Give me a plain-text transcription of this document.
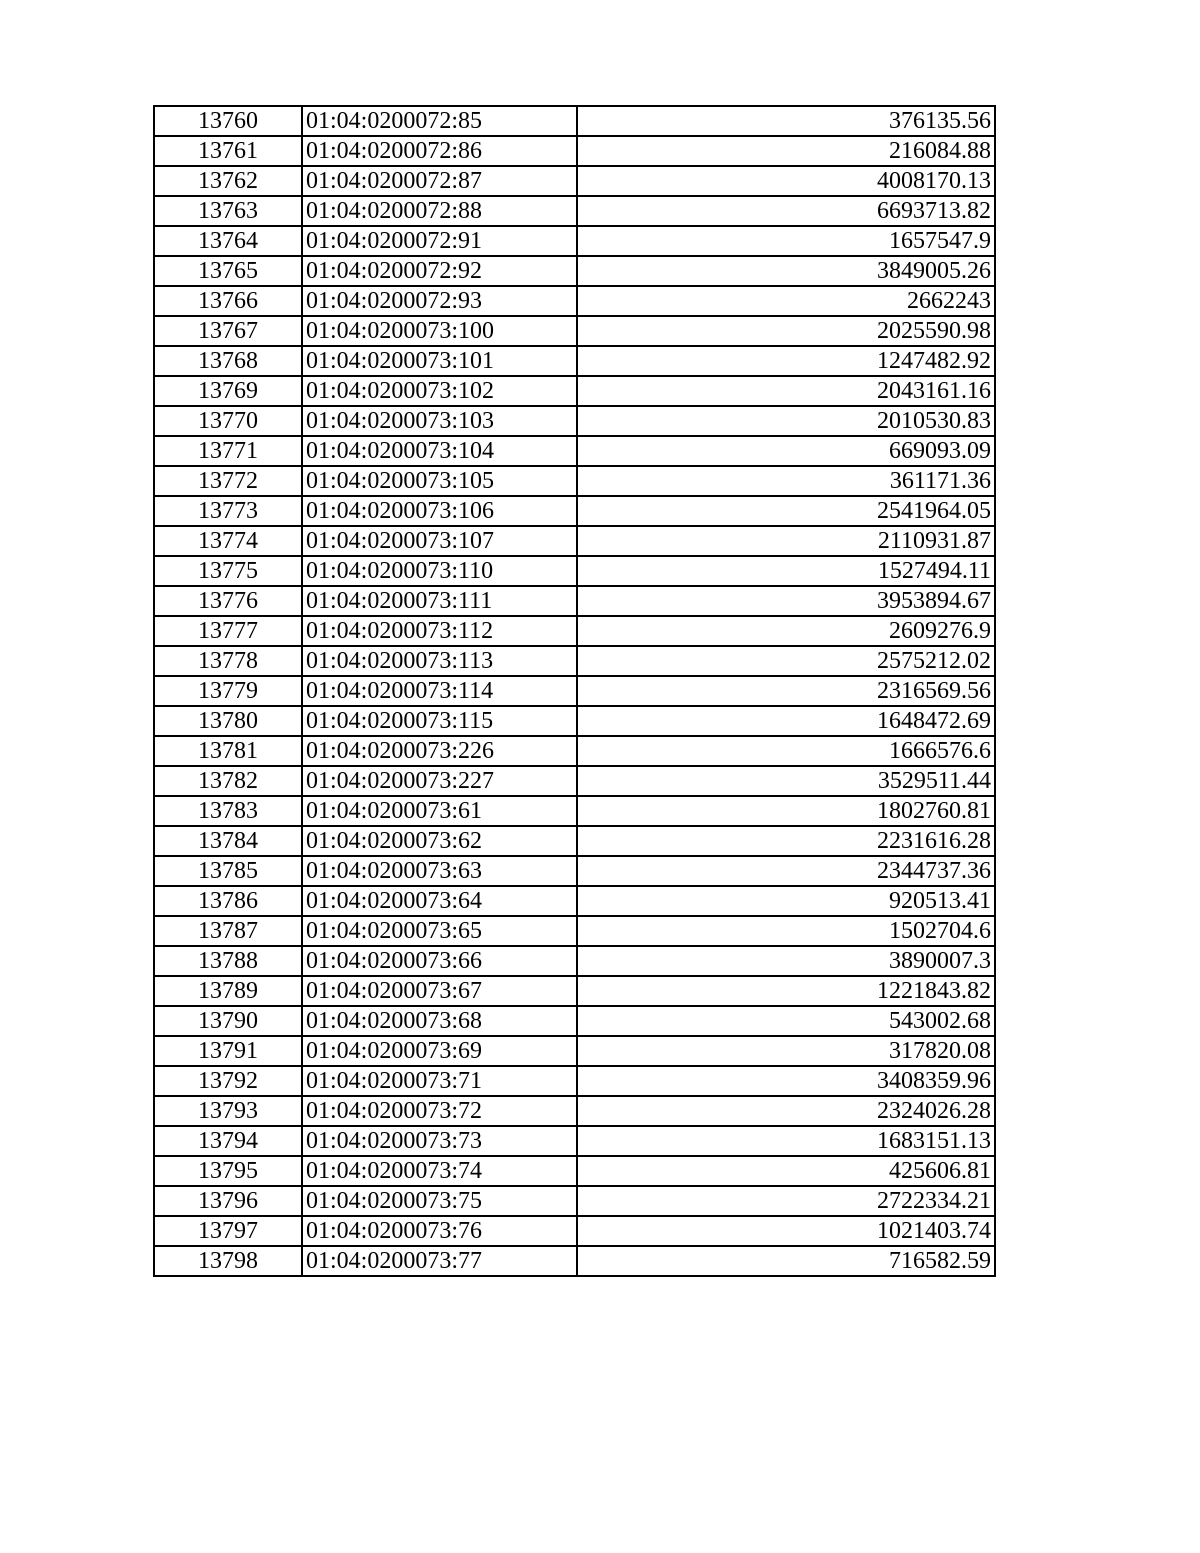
13760	01:04:0200072:85	376135.56
13761	01:04:0200072:86	216084.88
13762	01:04:0200072:87	4008170.13
13763	01:04:0200072:88	6693713.82
13764	01:04:0200072:91	1657547.9
13765	01:04:0200072:92	3849005.26
13766	01:04:0200072:93	2662243
13767	01:04:0200073:100	2025590.98
13768	01:04:0200073:101	1247482.92
13769	01:04:0200073:102	2043161.16
13770	01:04:0200073:103	2010530.83
13771	01:04:0200073:104	669093.09
13772	01:04:0200073:105	361171.36
13773	01:04:0200073:106	2541964.05
13774	01:04:0200073:107	2110931.87
13775	01:04:0200073:110	1527494.11
13776	01:04:0200073:111	3953894.67
13777	01:04:0200073:112	2609276.9
13778	01:04:0200073:113	2575212.02
13779	01:04:0200073:114	2316569.56
13780	01:04:0200073:115	1648472.69
13781	01:04:0200073:226	1666576.6
13782	01:04:0200073:227	3529511.44
13783	01:04:0200073:61	1802760.81
13784	01:04:0200073:62	2231616.28
13785	01:04:0200073:63	2344737.36
13786	01:04:0200073:64	920513.41
13787	01:04:0200073:65	1502704.6
13788	01:04:0200073:66	3890007.3
13789	01:04:0200073:67	1221843.82
13790	01:04:0200073:68	543002.68
13791	01:04:0200073:69	317820.08
13792	01:04:0200073:71	3408359.96
13793	01:04:0200073:72	2324026.28
13794	01:04:0200073:73	1683151.13
13795	01:04:0200073:74	425606.81
13796	01:04:0200073:75	2722334.21
13797	01:04:0200073:76	1021403.74
13798	01:04:0200073:77	716582.59
